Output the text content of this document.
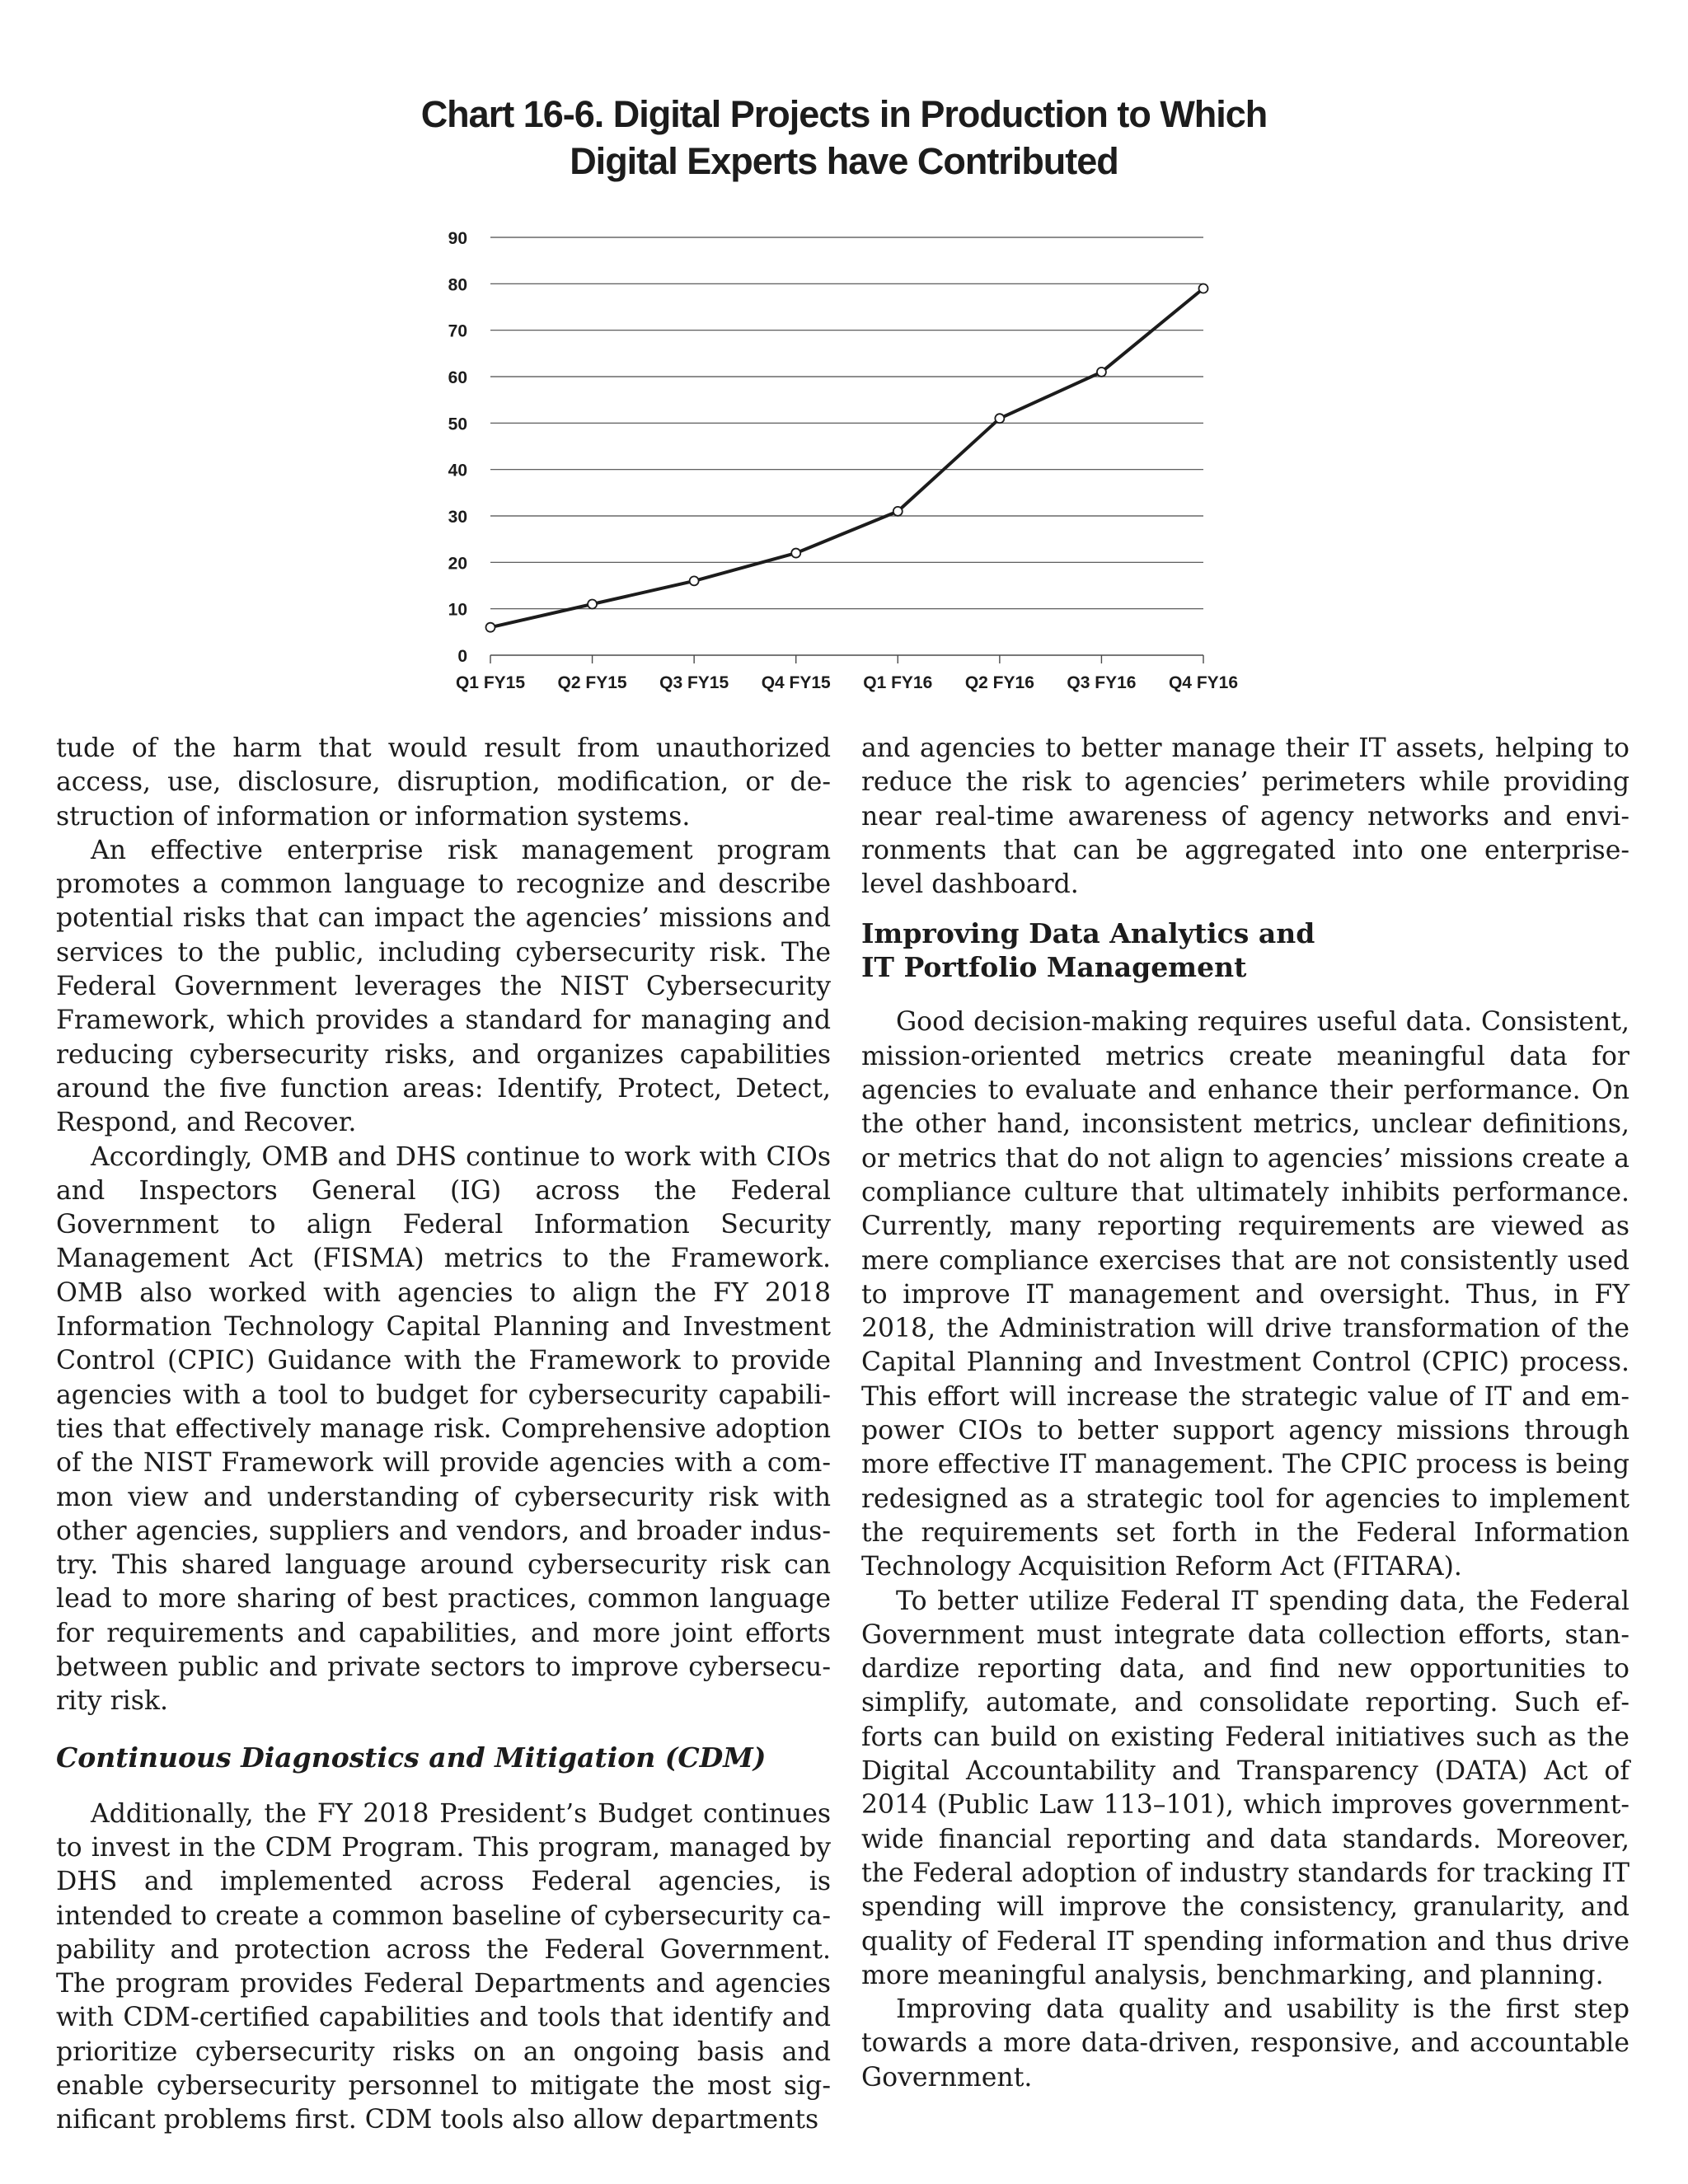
Chart 16-6. Digital Projects in Production to Which
Digital Experts have Contributed
0
10
20
30
40
50
60
70
80
90
Q1 FY15 Q2 FY15 Q3 FY15 Q4 FY15 Q1 FY16 Q2 FY16 Q3 FY16 Q4 FY16

tude of the harm that would result from unauthorized access, use, disclosure, disruption, modification, or destruction of information or information systems.

An effective enterprise risk management program promotes a common language to recognize and describe potential risks that can impact the agencies’ missions and services to the public, including cybersecurity risk. The Federal Government leverages the NIST Cybersecurity Framework, which provides a standard for managing and reducing cybersecurity risks, and organizes capabilities around the five function areas: Identify, Protect, Detect, Respond, and Recover.

Accordingly, OMB and DHS continue to work with CIOs and Inspectors General (IG) across the Federal Government to align Federal Information Security Management Act (FISMA) metrics to the Framework. OMB also worked with agencies to align the FY 2018 Information Technology Capital Planning and Investment Control (CPIC) Guidance with the Framework to provide agencies with a tool to budget for cybersecurity capabilities that effectively manage risk. Comprehensive adoption of the NIST Framework will provide agencies with a common view and understanding of cybersecurity risk with other agencies, suppliers and vendors, and broader industry. This shared language around cybersecurity risk can lead to more sharing of best practices, common language for requirements and capabilities, and more joint efforts between public and private sectors to improve cybersecurity risk.

Continuous Diagnostics and Mitigation (CDM)

Additionally, the FY 2018 President’s Budget continues to invest in the CDM Program. This program, managed by DHS and implemented across Federal agencies, is intended to create a common baseline of cybersecurity capability and protection across the Federal Government. The program provides Federal Departments and agencies with CDM-certified capabilities and tools that identify and prioritize cybersecurity risks on an ongoing basis and enable cybersecurity personnel to mitigate the most significant problems first. CDM tools also allow departments

and agencies to better manage their IT assets, helping to reduce the risk to agencies’ perimeters while providing near real-time awareness of agency networks and environments that can be aggregated into one enterprise-level dashboard.

Improving Data Analytics and
IT Portfolio Management

Good decision-making requires useful data. Consistent, mission-oriented metrics create meaningful data for agencies to evaluate and enhance their performance. On the other hand, inconsistent metrics, unclear definitions, or metrics that do not align to agencies’ missions create a compliance culture that ultimately inhibits performance. Currently, many reporting requirements are viewed as mere compliance exercises that are not consistently used to improve IT management and oversight. Thus, in FY 2018, the Administration will drive transformation of the Capital Planning and Investment Control (CPIC) process. This effort will increase the strategic value of IT and empower CIOs to better support agency missions through more effective IT management. The CPIC process is being redesigned as a strategic tool for agencies to implement the requirements set forth in the Federal Information Technology Acquisition Reform Act (FITARA).

To better utilize Federal IT spending data, the Federal Government must integrate data collection efforts, standardize reporting data, and find new opportunities to simplify, automate, and consolidate reporting. Such efforts can build on existing Federal initiatives such as the Digital Accountability and Transparency (DATA) Act of 2014 (Public Law 113–101), which improves government-wide financial reporting and data standards. Moreover, the Federal adoption of industry standards for tracking IT spending will improve the consistency, granularity, and quality of Federal IT spending information and thus drive more meaningful analysis, benchmarking, and planning.

Improving data quality and usability is the first step towards a more data-driven, responsive, and accountable Government.
